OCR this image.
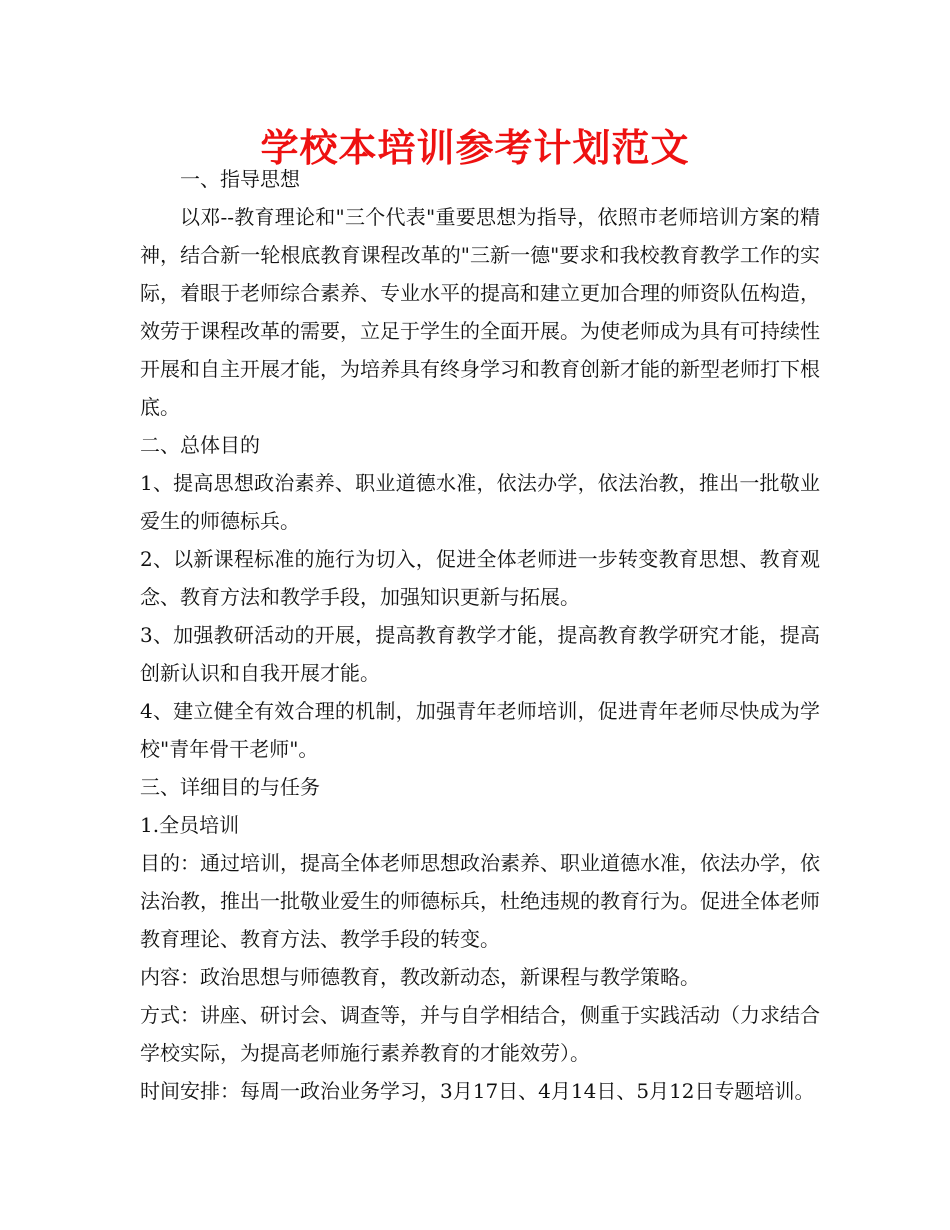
学校本培训参考计划范文

一、指导思想

以邓--教育理论和"三个代表"重要思想为指导，依照市老师培训方案的精神，结合新一轮根底教育课程改革的"三新一德"要求和我校教育教学工作的实际，着眼于老师综合素养、专业水平的提高和建立更加合理的师资队伍构造，效劳于课程改革的需要，立足于学生的全面开展。为使老师成为具有可持续性开展和自主开展才能，为培养具有终身学习和教育创新才能的新型老师打下根底。

二、总体目的

1、提高思想政治素养、职业道德水准，依法办学，依法治教，推出一批敬业爱生的师德标兵。

2、以新课程标准的施行为切入，促进全体老师进一步转变教育思想、教育观念、教育方法和教学手段，加强知识更新与拓展。

3、加强教研活动的开展，提高教育教学才能，提高教育教学研究才能，提高创新认识和自我开展才能。

4、建立健全有效合理的机制，加强青年老师培训，促进青年老师尽快成为学校"青年骨干老师"。

三、详细目的与任务

1.全员培训

目的：通过培训，提高全体老师思想政治素养、职业道德水准，依法办学，依法治教，推出一批敬业爱生的师德标兵，杜绝违规的教育行为。促进全体老师教育理论、教育方法、教学手段的转变。

内容：政治思想与师德教育，教改新动态，新课程与教学策略。

方式：讲座、研讨会、调查等，并与自学相结合，侧重于实践活动（力求结合学校实际，为提高老师施行素养教育的才能效劳）。

时间安排：每周一政治业务学习，3月17日、4月14日、5月12日专题培训。
